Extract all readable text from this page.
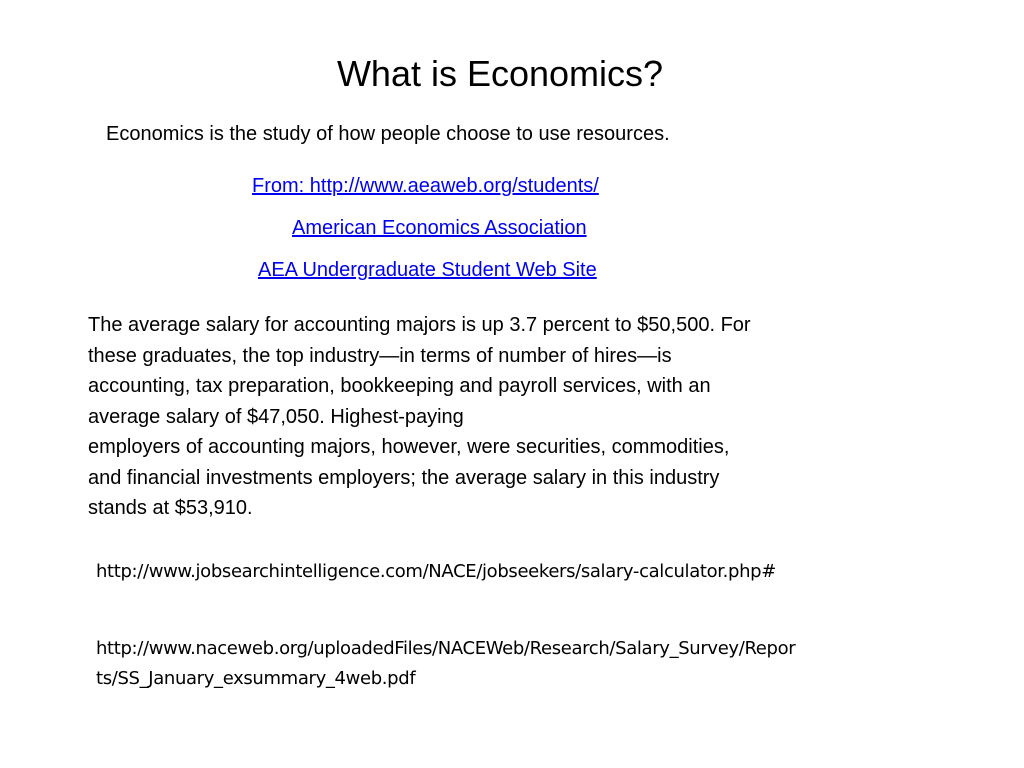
What is Economics?
Economics is the study of how people choose to use resources.
From: http://www.aeaweb.org/students/
American Economics Association
AEA Undergraduate Student Web Site

The average salary for accounting majors is up 3.7 percent to $50,500. For
these graduates, the top industry—in terms of number of hires—is
accounting, tax preparation, bookkeeping and payroll services, with an
average salary of $47,050. Highest-paying
employers of accounting majors, however, were securities, commodities,
and financial investments employers; the average salary in this industry
stands at $53,910.

http://www.jobsearchintelligence.com/NACE/jobseekers/salary-calculator.php#
http://www.naceweb.org/uploadedFiles/NACEWeb/Research/Salary_Survey/Repor
ts/SS_January_exsummary_4web.pdf
